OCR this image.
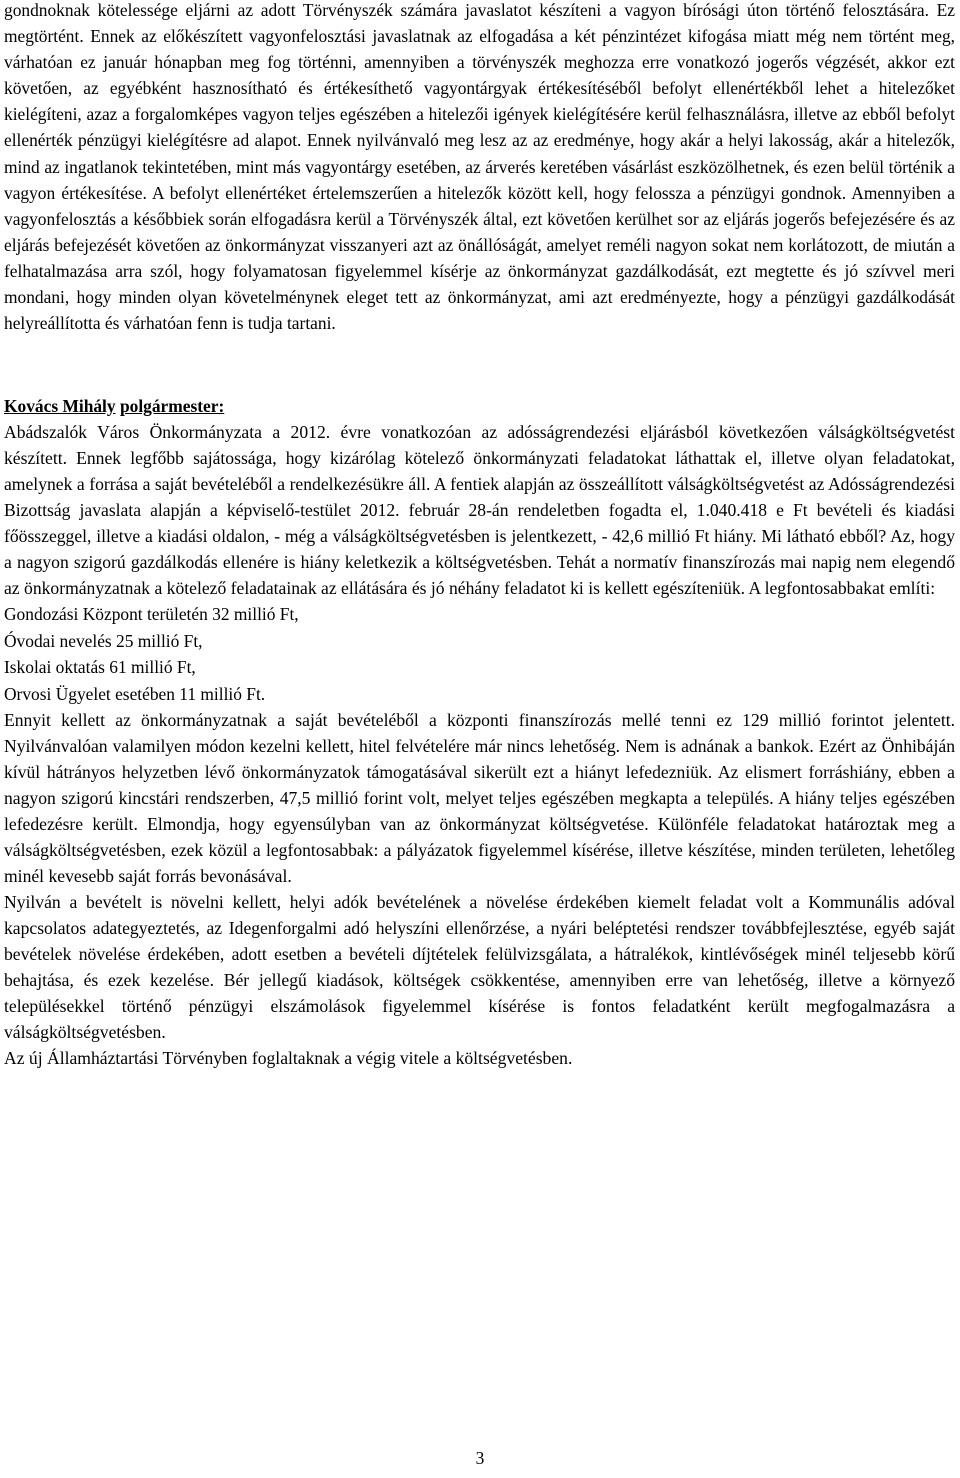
gondnoknak kötelessége eljárni az adott Törvényszék számára javaslatot készíteni a vagyon bírósági úton történő felosztására. Ez megtörtént. Ennek az előkészített vagyonfelosztási javaslatnak az elfogadása a két pénzintézet kifogása miatt még nem történt meg, várhatóan ez január hónapban meg fog történni, amennyiben a törvényszék meghozza erre vonatkozó jogerős végzését, akkor ezt követően, az egyébként hasznosítható és értékesíthető vagyontárgyak értékesítéséből befolyt ellenértékből lehet a hitelezőket kielégíteni, azaz a forgalomképes vagyon teljes egészében a hitelezői igények kielégítésére kerül felhasználásra, illetve az ebből befolyt ellenérték pénzügyi kielégítésre ad alapot. Ennek nyilvánvaló meg lesz az az eredménye, hogy akár a helyi lakosság, akár a hitelezők, mind az ingatlanok tekintetében, mint más vagyontárgy esetében, az árverés keretében vásárlást eszközölhetnek, és ezen belül történik a vagyon értékesítése. A befolyt ellenértéket értelemszerűen a hitelezők között kell, hogy felossza a pénzügyi gondnok. Amennyiben a vagyonfelosztás a későbbiek során elfogadásra kerül a Törvényszék által, ezt követően kerülhet sor az eljárás jogerős befejezésére és az eljárás befejezését követően az önkormányzat visszanyeri azt az önállóságát, amelyet reméli nagyon sokat nem korlátozott, de miután a felhatalmazása arra szól, hogy folyamatosan figyelemmel kísérje az önkormányzat gazdálkodását, ezt megtette és jó szívvel meri mondani, hogy minden olyan követelménynek eleget tett az önkormányzat, ami azt eredményezte, hogy a pénzügyi gazdálkodását helyreállította és várhatóan fenn is tudja tartani.

Kovács Mihály polgármester:

Abádszalók Város Önkormányzata a 2012. évre vonatkozóan az adósságrendezési eljárásból következően válságköltségvetést készített. Ennek legfőbb sajátossága, hogy kizárólag kötelező önkormányzati feladatokat láthattak el, illetve olyan feladatokat, amelynek a forrása a saját bevételéből a rendelkezésükre áll. A fentiek alapján az összeállított válságköltségvetést az Adósságrendezési Bizottság javaslata alapján a képviselő-testület 2012. február 28-án rendeletben fogadta el, 1.040.418 e Ft bevételi és kiadási főösszeggel, illetve a kiadási oldalon, - még a válságköltségvetésben is jelentkezett, - 42,6 millió Ft hiány. Mi látható ebből? Az, hogy a nagyon szigorú gazdálkodás ellenére is hiány keletkezik a költségvetésben. Tehát a normatív finanszírozás mai napig nem elegendő az önkormányzatnak a kötelező feladatainak az ellátására és jó néhány feladatot ki is kellett egészíteniük. A legfontosabbakat említi:

Gondozási Központ területén 32 millió Ft,

Óvodai nevelés 25 millió Ft,

Iskolai oktatás 61 millió Ft,

Orvosi Ügyelet esetében 11 millió Ft.

Ennyit kellett az önkormányzatnak a saját bevételéből a központi finanszírozás mellé tenni ez 129 millió forintot jelentett. Nyilvánvalóan valamilyen módon kezelni kellett, hitel felvételére már nincs lehetőség. Nem is adnának a bankok. Ezért az Önhibáján kívül hátrányos helyzetben lévő önkormányzatok támogatásával sikerült ezt a hiányt lefedezniük. Az elismert forráshiány, ebben a nagyon szigorú kincstári rendszerben, 47,5 millió forint volt, melyet teljes egészében megkapta a település. A hiány teljes egészében lefedezésre került. Elmondja, hogy egyensúlyban van az önkormányzat költségvetése. Különféle feladatokat határoztak meg a válságköltségvetésben, ezek közül a legfontosabbak: a pályázatok figyelemmel kísérése, illetve készítése, minden területen, lehetőleg minél kevesebb saját forrás bevonásával.

Nyilván a bevételt is növelni kellett, helyi adók bevételének a növelése érdekében kiemelt feladat volt a Kommunális adóval kapcsolatos adategyeztetés, az Idegenforgalmi adó helyszíni ellenőrzése, a nyári beléptetési rendszer továbbfejlesztése, egyéb saját bevételek növelése érdekében, adott esetben a bevételi díjtételek felülvizsgálata, a hátralékok, kintlévőségek minél teljesebb körű behajtása, és ezek kezelése. Bér jellegű kiadások, költségek csökkentése, amennyiben erre van lehetőség, illetve a környező településekkel történő pénzügyi elszámolások figyelemmel kísérése is fontos feladatként került megfogalmazásra a válságköltségvetésben.

Az új Államháztartási Törvényben foglaltaknak a végig vitele a költségvetésben.

3
